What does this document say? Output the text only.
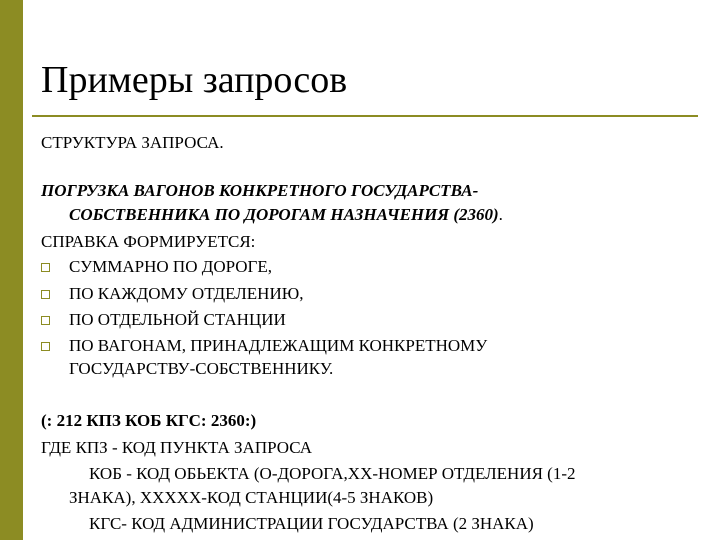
Примеры запросов
СТРУКТУРА ЗАПРОСА.
ПОГРУЗКА ВАГОНОВ КОНКРЕТНОГО ГОСУДАРСТВА-
СОБСТВЕННИКА ПО ДОРОГАМ НАЗНАЧЕНИЯ (2360).
СПРАВКА ФОРМИРУЕТСЯ:
СУММАРНО ПО ДОРОГЕ,
ПО КАЖДОМУ ОТДЕЛЕНИЮ,
ПО ОТДЕЛЬНОЙ СТАНЦИИ
ПО ВАГОНАМ, ПРИНАДЛЕЖАЩИМ КОНКРЕТНОМУ
ГОСУДАРСТВУ-СОБСТВЕННИКУ.
(: 212 КПЗ КОБ КГС: 2360:)
ГДЕ КПЗ - КОД ПУНКТА ЗАПРОСА
КОБ - КОД ОБЬЕКТА (О-ДОРОГА,ХХ-НОМЕР ОТДЕЛЕНИЯ (1-2
ЗНАКА), ХХХХХ-КОД СТАНЦИИ(4-5 ЗНАКОВ)
КГС- КОД АДМИНИСТРАЦИИ ГОСУДАРСТВА (2 ЗНАКА)
